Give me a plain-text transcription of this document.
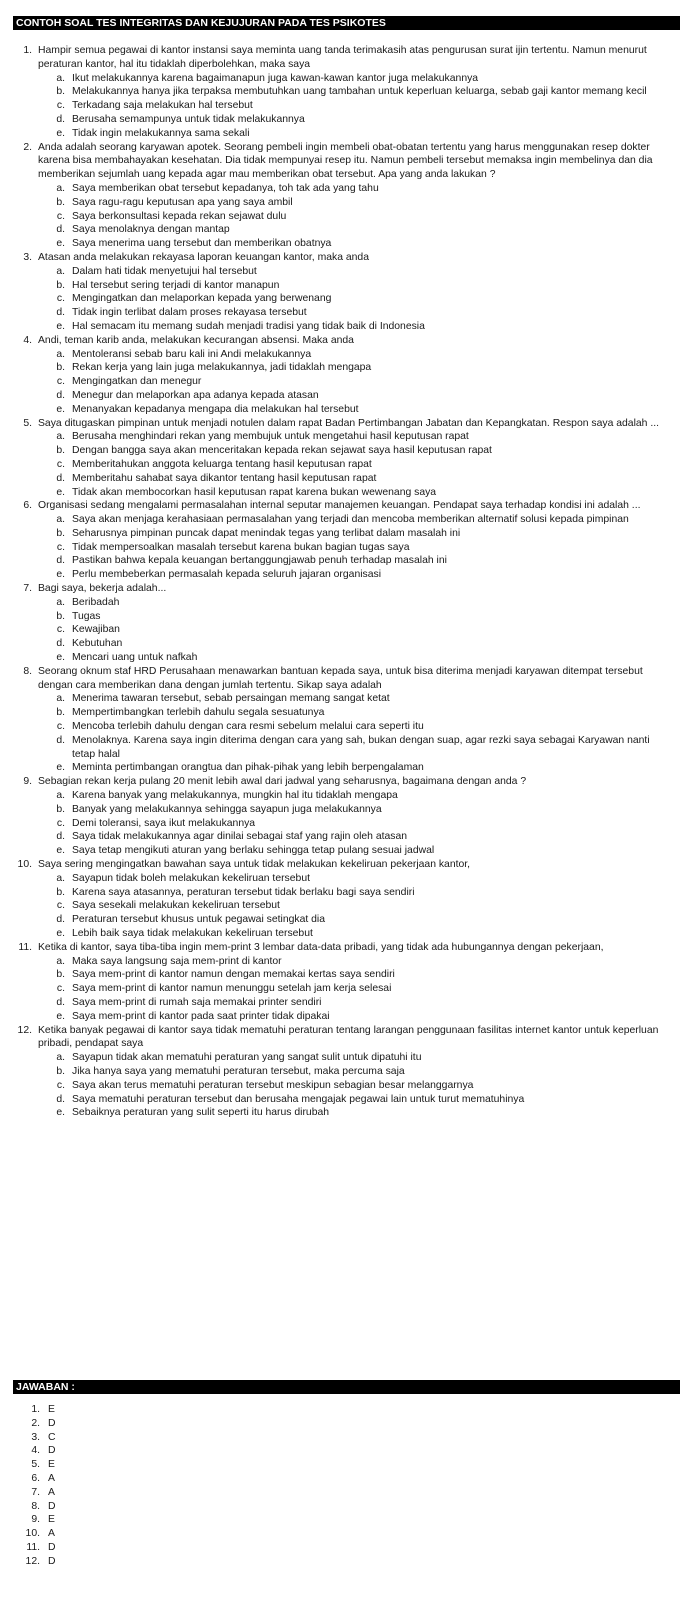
CONTOH SOAL TES INTEGRITAS DAN KEJUJURAN PADA TES PSIKOTES
1. Hampir semua pegawai di kantor instansi saya meminta uang tanda terimakasih atas pengurusan surat ijin tertentu. Namun menurut peraturan kantor, hal itu tidaklah diperbolehkan, maka saya
a. Ikut melakukannya karena bagaimanapun juga kawan-kawan kantor juga melakukannya
b. Melakukannya hanya jika terpaksa membutuhkan uang tambahan untuk keperluan keluarga, sebab gaji kantor memang kecil
c. Terkadang saja melakukan hal tersebut
d. Berusaha semampunya untuk tidak melakukannya
e. Tidak ingin melakukannya sama sekali
2. Anda adalah seorang karyawan apotek. Seorang pembeli ingin membeli obat-obatan tertentu yang harus menggunakan resep dokter karena bisa membahayakan kesehatan. Dia tidak mempunyai resep itu. Namun pembeli tersebut memaksa ingin membelinya dan dia memberikan sejumlah uang kepada agar mau memberikan obat tersebut. Apa yang anda lakukan ?
a. Saya memberikan obat tersebut kepadanya, toh tak ada yang tahu
b. Saya ragu-ragu keputusan apa yang saya ambil
c. Saya berkonsultasi kepada rekan sejawat dulu
d. Saya menolaknya dengan mantap
e. Saya menerima uang tersebut dan memberikan obatnya
3. Atasan anda melakukan rekayasa laporan keuangan kantor, maka anda
a. Dalam hati tidak menyetujui hal tersebut
b. Hal tersebut sering terjadi di kantor manapun
c. Mengingatkan dan melaporkan kepada yang berwenang
d. Tidak ingin terlibat dalam proses rekayasa tersebut
e. Hal semacam itu memang sudah menjadi tradisi yang tidak baik di Indonesia
4. Andi, teman karib anda, melakukan kecurangan absensi. Maka anda
a. Mentoleransi sebab baru kali ini Andi melakukannya
b. Rekan kerja yang lain juga melakukannya, jadi tidaklah mengapa
c. Mengingatkan dan menegur
d. Menegur dan melaporkan apa adanya kepada atasan
e. Menanyakan kepadanya mengapa dia melakukan hal tersebut
5. Saya ditugaskan pimpinan untuk menjadi notulen dalam rapat Badan Pertimbangan Jabatan dan Kepangkatan. Respon saya adalah ...
a. Berusaha menghindari rekan yang membujuk untuk mengetahui hasil keputusan rapat
b. Dengan bangga saya akan menceritakan kepada rekan sejawat saya hasil keputusan rapat
c. Memberitahukan anggota keluarga tentang hasil keputusan rapat
d. Memberitahu sahabat saya dikantor tentang hasil keputusan rapat
e. Tidak akan membocorkan hasil keputusan rapat karena bukan wewenang saya
6. Organisasi sedang mengalami permasalahan internal seputar manajemen keuangan. Pendapat saya terhadap kondisi ini adalah ...
a. Saya akan menjaga kerahasiaan permasalahan yang terjadi dan mencoba memberikan alternatif solusi kepada pimpinan
b. Seharusnya pimpinan puncak dapat menindak tegas yang terlibat dalam masalah ini
c. Tidak mempersoalkan masalah tersebut karena bukan bagian tugas saya
d. Pastikan bahwa kepala keuangan bertanggungjawab penuh terhadap masalah ini
e. Perlu membeberkan permasalah kepada seluruh jajaran organisasi
7. Bagi saya, bekerja adalah...
a. Beribadah
b. Tugas
c. Kewajiban
d. Kebutuhan
e. Mencari uang untuk nafkah
8. Seorang oknum staf HRD Perusahaan menawarkan bantuan kepada saya, untuk bisa diterima menjadi karyawan ditempat tersebut dengan cara memberikan dana dengan jumlah tertentu. Sikap saya adalah
a. Menerima tawaran tersebut, sebab persaingan memang sangat ketat
b. Mempertimbangkan terlebih dahulu segala sesuatunya
c. Mencoba terlebih dahulu dengan cara resmi sebelum melalui cara seperti itu
d. Menolaknya. Karena saya ingin diterima dengan cara yang sah, bukan dengan suap, agar rezki saya sebagai Karyawan nanti tetap halal
e. Meminta pertimbangan orangtua dan pihak-pihak yang lebih berpengalaman
9. Sebagian rekan kerja pulang 20 menit lebih awal dari jadwal yang seharusnya, bagaimana dengan anda ?
a. Karena banyak yang melakukannya, mungkin hal itu tidaklah mengapa
b. Banyak yang melakukannya sehingga sayapun juga melakukannya
c. Demi toleransi, saya ikut melakukannya
d. Saya tidak melakukannya agar dinilai sebagai staf yang rajin oleh atasan
e. Saya tetap mengikuti aturan yang berlaku sehingga tetap pulang sesuai jadwal
10. Saya sering mengingatkan bawahan saya untuk tidak melakukan kekeliruan pekerjaan kantor,
a. Sayapun tidak boleh melakukan kekeliruan tersebut
b. Karena saya atasannya, peraturan tersebut tidak berlaku bagi saya sendiri
c. Saya sesekali melakukan kekeliruan tersebut
d. Peraturan tersebut khusus untuk pegawai setingkat dia
e. Lebih baik saya tidak melakukan kekeliruan tersebut
11. Ketika di kantor, saya tiba-tiba ingin mem-print 3 lembar data-data pribadi, yang tidak ada hubungannya dengan pekerjaan,
a. Maka saya langsung saja mem-print di kantor
b. Saya mem-print di kantor namun dengan memakai kertas saya sendiri
c. Saya mem-print di kantor namun menunggu setelah jam kerja selesai
d. Saya mem-print di rumah saja memakai printer sendiri
e. Saya mem-print di kantor pada saat printer tidak dipakai
12. Ketika banyak pegawai di kantor saya tidak mematuhi peraturan tentang larangan penggunaan fasilitas internet kantor untuk keperluan pribadi, pendapat saya
a. Sayapun tidak akan mematuhi peraturan yang sangat sulit untuk dipatuhi itu
b. Jika hanya saya yang mematuhi peraturan tersebut, maka percuma saja
c. Saya akan terus mematuhi peraturan tersebut meskipun sebagian besar melanggarnya
d. Saya mematuhi peraturan tersebut dan berusaha mengajak pegawai lain untuk turut mematuhinya
e. Sebaiknya peraturan yang sulit seperti itu harus dirubah
JAWABAN :
1. E
2. D
3. C
4. D
5. E
6. A
7. A
8. D
9. E
10. A
11. D
12. D
